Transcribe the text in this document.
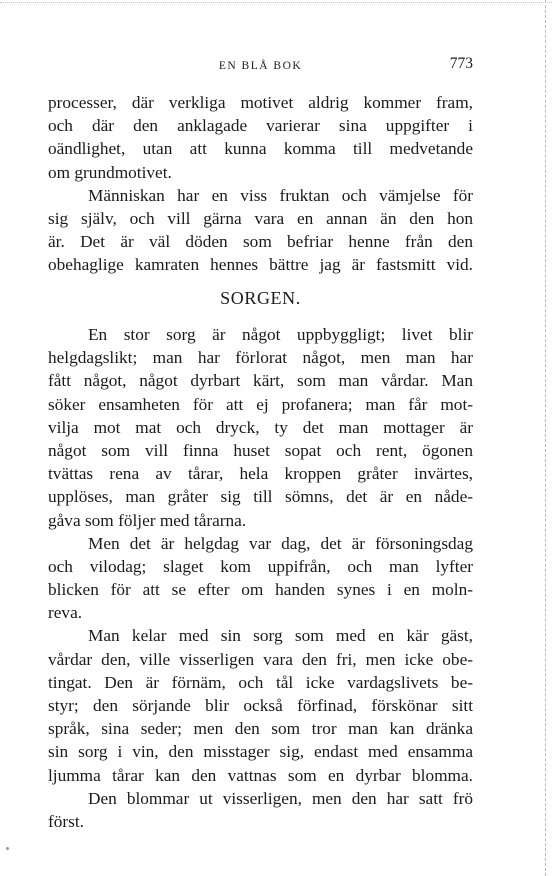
EN BLÅ BOK	773
processer, där verkliga motivet aldrig kommer fram,
och där den anklagade varierar sina uppgifter i
oändlighet, utan att kunna komma till medvetande
om grundmotivet.
Människan har en viss fruktan och vämjelse för
sig själv, och vill gärna vara en annan än den hon
är. Det är väl döden som befriar henne från den
obehaglige kamraten hennes bättre jag är fastsmitt vid.
SORGEN.
En stor sorg är något uppbyggligt; livet blir
helgdagslikt; man har förlorat något, men man har
fått något, något dyrbart kärt, som man vårdar. Man
söker ensamheten för att ej profanera; man får mot-
vilja mot mat och dryck, ty det man mottager är
något som vill finna huset sopat och rent, ögonen
tvättas rena av tårar, hela kroppen gråter invärtes,
upplöses, man gråter sig till sömns, det är en nåde-
gåva som följer med tårarna.
Men det är helgdag var dag, det är försoningsdag
och vilodag; slaget kom uppifrån, och man lyfter
blicken för att se efter om handen synes i en moln-
reva.
Man kelar med sin sorg som med en kär gäst,
vårdar den, ville visserligen vara den fri, men icke obe-
tingat. Den är förnäm, och tål icke vardagslivets be-
styr; den sörjande blir också förfinad, förskönar sitt
språk, sina seder; men den som tror man kan dränka
sin sorg i vin, den misstager sig, endast med ensamma
ljumma tårar kan den vattnas som en dyrbar blomma.
Den blommar ut visserligen, men den har satt frö
först.
